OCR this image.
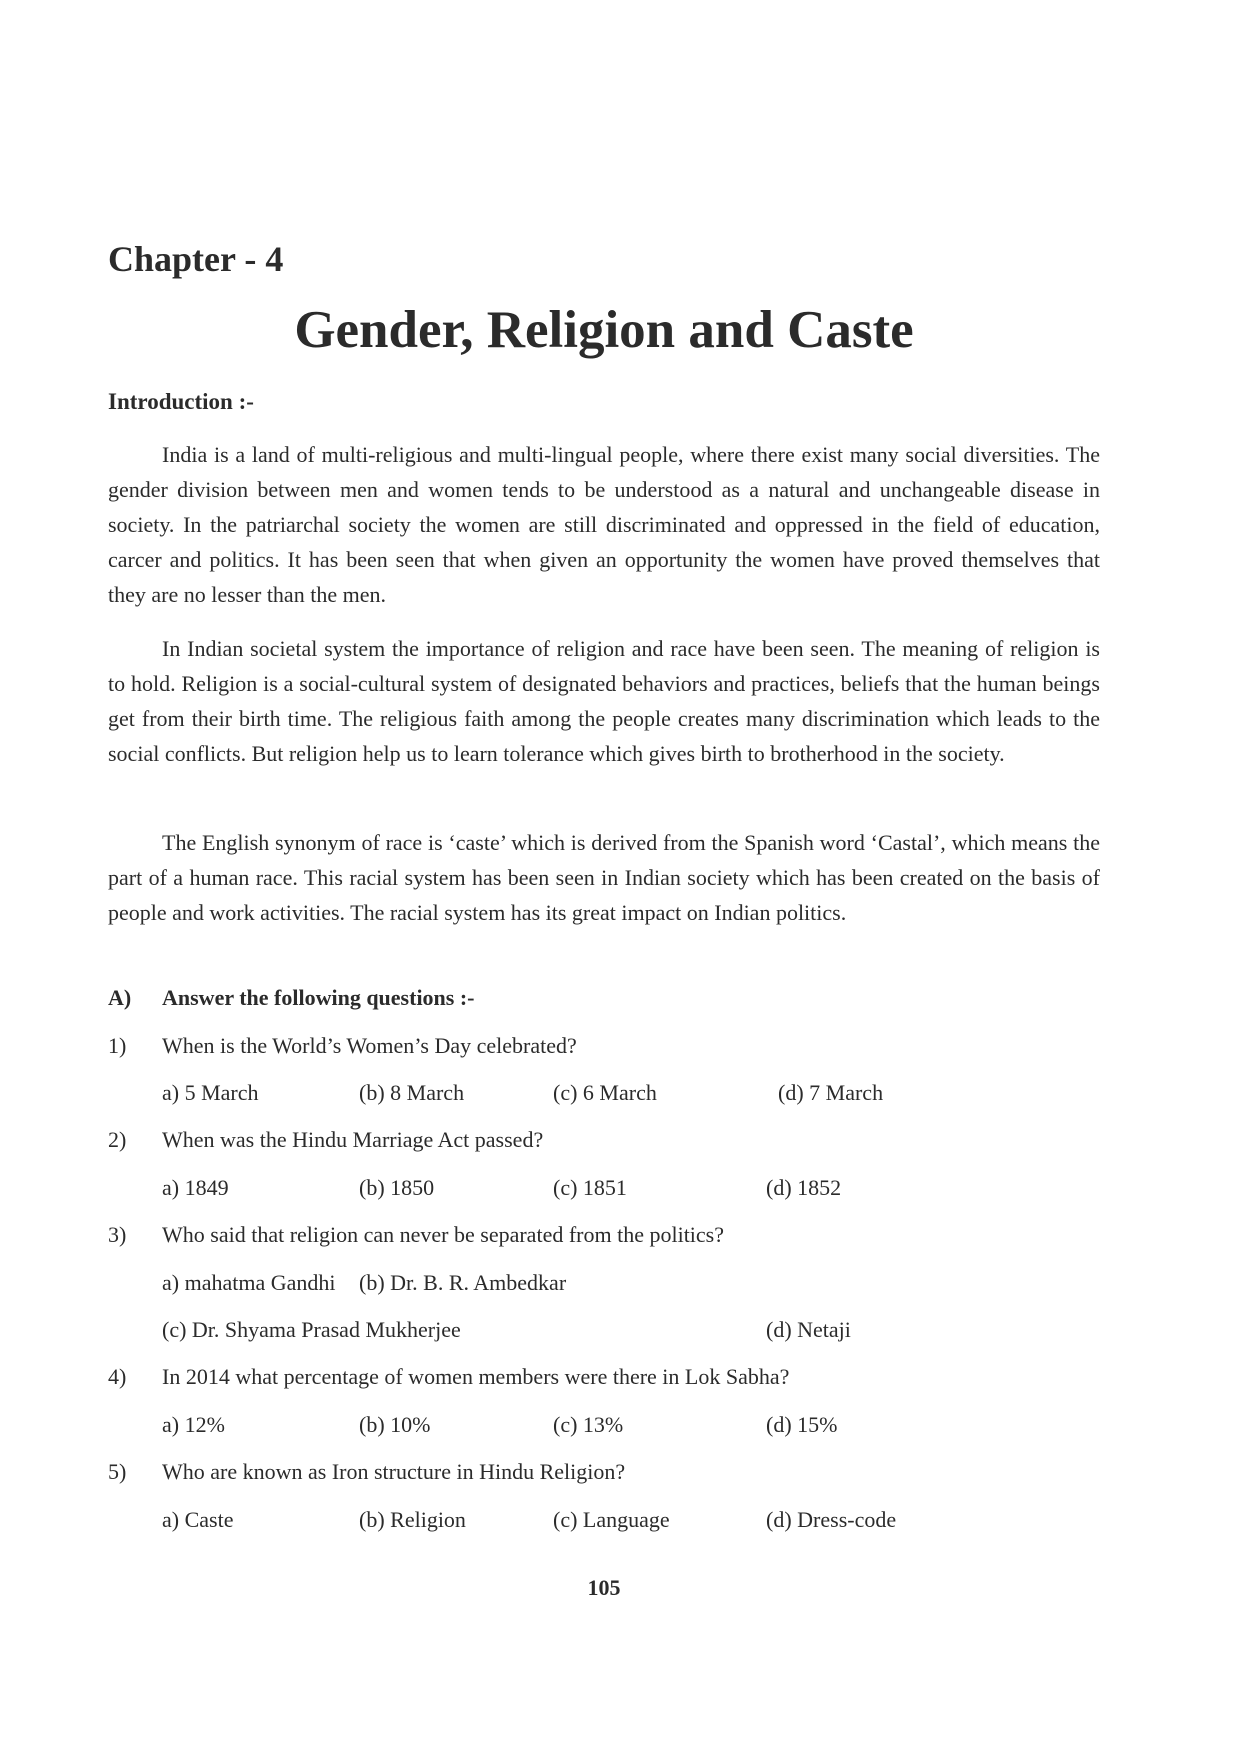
Chapter - 4
Gender, Religion and Caste
Introduction :-

India is a land of multi-religious and multi-lingual people, where there exist many social diversities. The gender division between men and women tends to be understood as a natural and unchangeable disease in society. In the patriarchal society the women are still discriminated and oppressed in the field of education, carcer and politics. It has been seen that when given an opportunity the women have proved themselves that they are no lesser than the men.

In Indian societal system the importance of religion and race have been seen. The meaning of religion is to hold. Religion is a social-cultural system of designated behaviors and practices, beliefs that the human beings get from their birth time. The religious faith among the people creates many discrimination which leads to the social conflicts. But religion help us to learn tolerance which gives birth to brotherhood in the society.

The English synonym of race is ‘caste’ which is derived from the Spanish word ‘Castal’, which means the part of a human race. This racial system has been seen in Indian society which has been created on the basis of people and work activities. The racial system has its great impact on Indian politics.

A) Answer the following questions :-
1) When is the World’s Women’s Day celebrated?
a) 5 March	(b) 8 March	(c) 6 March	(d) 7 March
2) When was the Hindu Marriage Act passed?
a) 1849	(b) 1850	(c) 1851	(d) 1852
3) Who said that religion can never be separated from the politics?
a) mahatma Gandhi (b) Dr. B. R. Ambedkar
(c) Dr. Shyama Prasad Mukherjee	(d) Netaji
4) In 2014 what percentage of women members were there in Lok Sabha?
a) 12%	(b) 10%	(c) 13%	(d) 15%
5) Who are known as Iron structure in Hindu Religion?
a) Caste	(b) Religion	(c) Language	(d) Dress-code
105
